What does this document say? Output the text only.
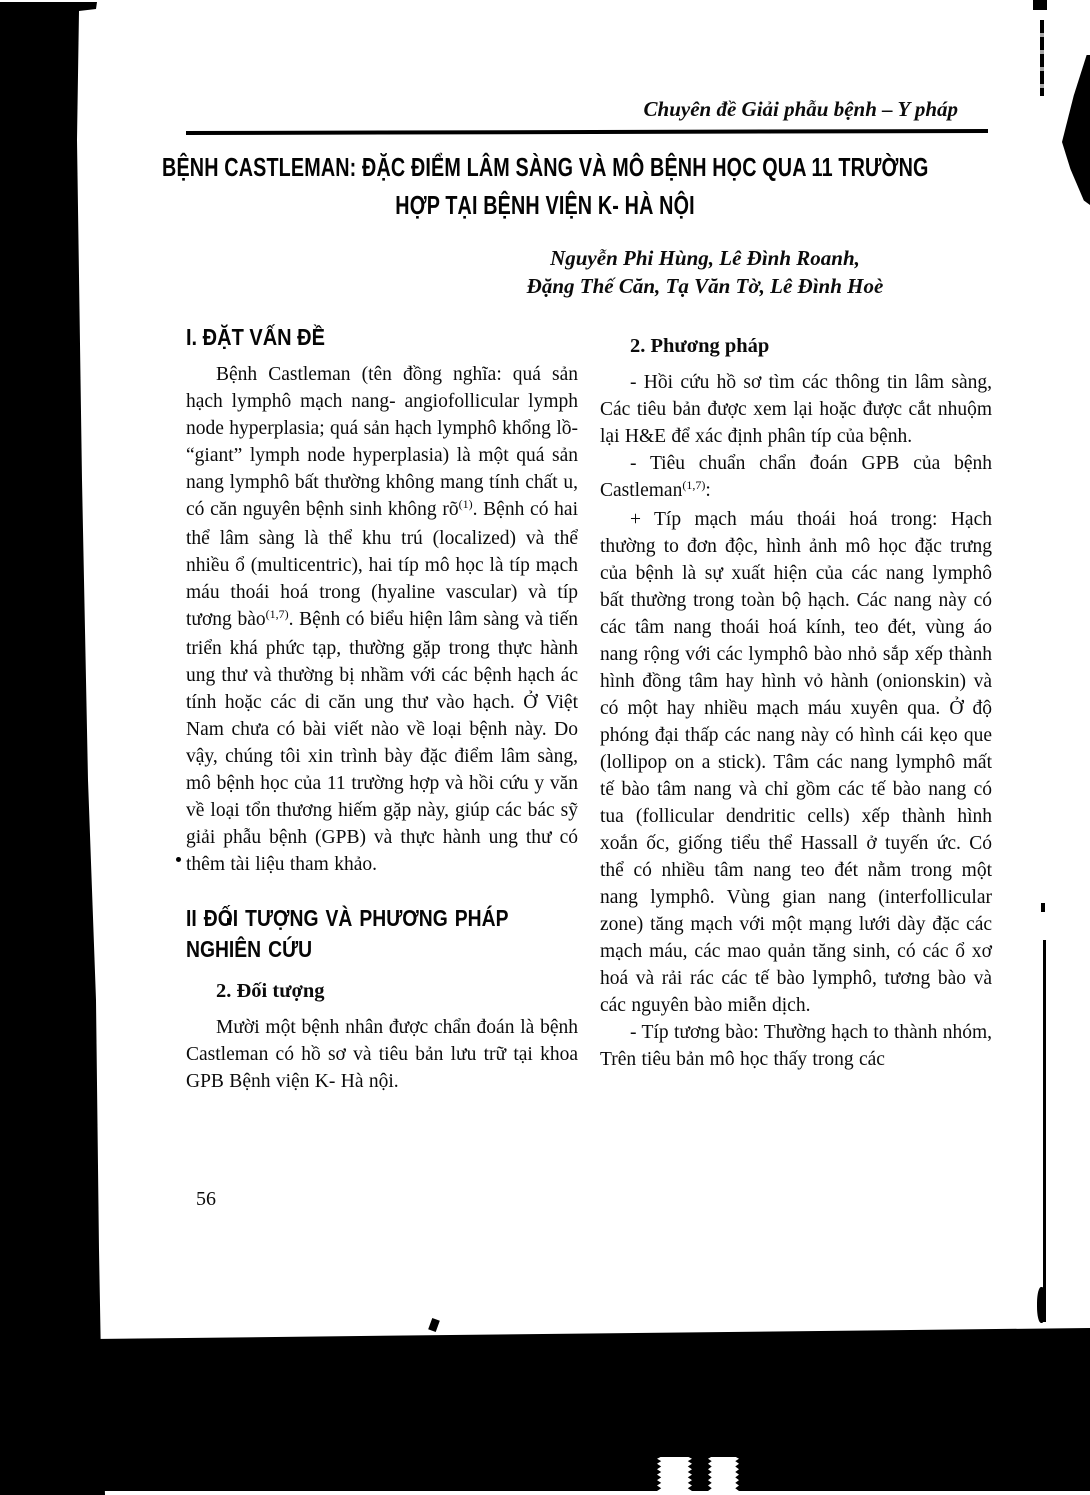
Chuyên đề Giải phẫu bệnh – Y pháp
BỆNH CASTLEMAN: ĐẶC ĐIỂM LÂM SÀNG VÀ MÔ BỆNH HỌC QUA 11 TRƯỜNG
HỢP TẠI BỆNH VIỆN K- HÀ NỘI
Nguyễn Phi Hùng, Lê Đình Roanh,
Đặng Thế Căn, Tạ Văn Tờ, Lê Đình Hoè
I. ĐẶT VẤN ĐỀ

Bệnh Castleman (tên đồng nghĩa: quá sản hạch lymphô mạch nang- angiofollicular lymph node hyperplasia; quá sản hạch lymphô khổng lồ- “giant” lymph node hyperplasia) là một quá sản nang lymphô bất thường không mang tính chất u, có căn nguyên bệnh sinh không $rõ^{(1)}$. Bệnh có hai thể lâm sàng là thể khu trú (localized) và thể nhiều ổ (multicentric), hai típ mô học là típ mạch máu thoái hoá trong (hyaline vascular) và típ tương bào$^{(1,7)}$. Bệnh có biểu hiện lâm sàng và tiến triển khá phức tạp, thường gặp trong thực hành ung thư và thường bị nhầm với các bệnh hạch ác tính hoặc các di căn ung thư vào hạch. Ở Việt Nam chưa có bài viết nào về loại bệnh này. Do vậy, chúng tôi xin trình bày đặc điểm lâm sàng, mô bệnh học của 11 trường hợp và hồi cứu y văn về loại tổn thương hiếm gặp này, giúp các bác sỹ giải phẫu bệnh (GPB) và thực hành ung thư có thêm tài liệu tham khảo.

II ĐỐI TƯỢNG VÀ PHƯƠNG PHÁP
NGHIÊN CỨU
2. Đối tượng

Mười một bệnh nhân được chẩn đoán là bệnh Castleman có hồ sơ và tiêu bản lưu trữ tại khoa GPB Bệnh viện K- Hà nội.

2. Phương pháp

- Hồi cứu hồ sơ tìm các thông tin lâm sàng, Các tiêu bản được xem lại hoặc được cắt nhuộm lại H&E để xác định phân típ của bệnh.

- Tiêu chuẩn chẩn đoán GPB của bệnh Castleman$^{(1,7)}$:

+ Típ mạch máu thoái hoá trong: Hạch thường to đơn độc, hình ảnh mô học đặc trưng của bệnh là sự xuất hiện của các nang lymphô bất thường trong toàn bộ hạch. Các nang này có các tâm nang thoái hoá kính, teo đét, vùng áo nang rộng với các lymphô bào nhỏ sắp xếp thành hình đồng tâm hay hình vỏ hành (onionskin) và có một hay nhiều mạch máu xuyên qua. Ở độ phóng đại thấp các nang này có hình cái kẹo que (lollipop on a stick). Tâm các nang lymphô mất tế bào tâm nang và chỉ gồm các tế bào nang có tua (follicular dendritic cells) xếp thành hình xoắn ốc, giống tiểu thể Hassall ở tuyến ức. Có thể có nhiều tâm nang teo đét nằm trong một nang lymphô. Vùng gian nang (interfollicular zone) tăng mạch với một mạng lưới dày đặc các mạch máu, các mao quản tăng sinh, có các ổ xơ hoá và rải rác các tế bào lymphô, tương bào và các nguyên bào miễn dịch.

- Típ tương bào: Thường hạch to thành nhóm, Trên tiêu bản mô học thấy trong các

56
